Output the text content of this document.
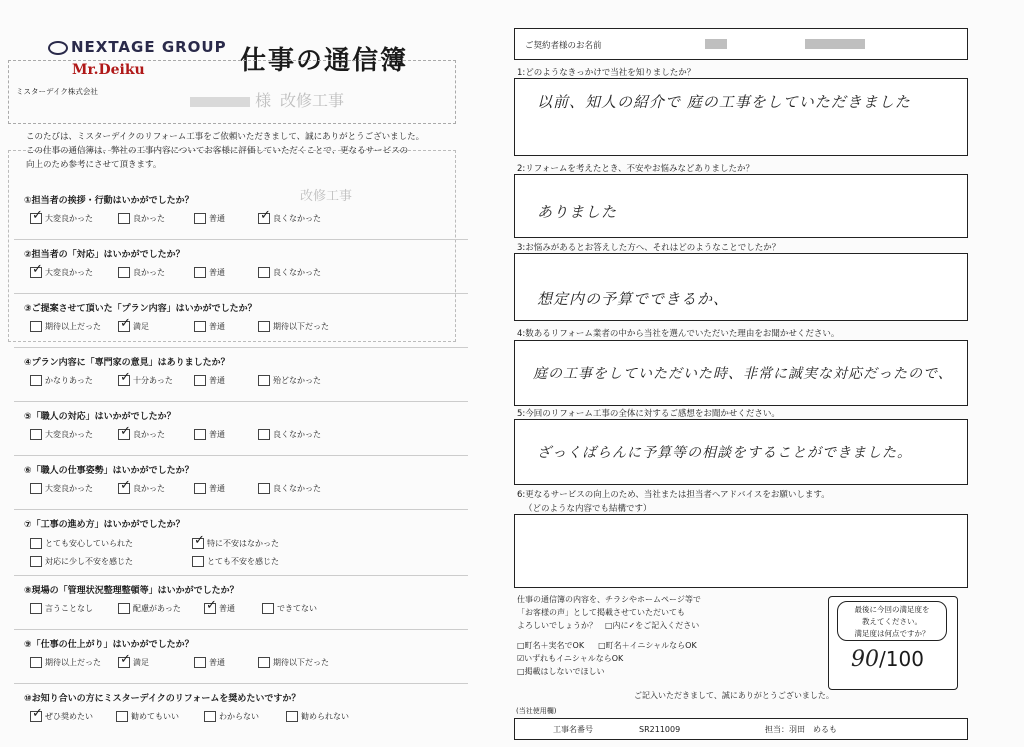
NEXTAGE GROUP
Mr.Deiku
ミスターデイク株式会社
仕事の通信簿
様 改修工事
改修工事
このたびは、ミスターデイクのリフォーム工事をご依頼いただきまして、誠にありがとうございました。
この仕事の通信簿は、弊社の工事内容についてお客様に評価していただくことで、更なるサービスの
向上のため参考にさせて頂きます。
①担当者の挨拶・行動はいかがでしたか？
✓ 大変良かった	良かった	普通	✓ 良くなかった
②担当者の「対応」はいかがでしたか？
✓ 大変良かった	良かった	普通	良くなかった
③ご提案させて頂いた「プラン内容」はいかがでしたか？
期待以上だった ✓ 満足	普通	期待以下だった
④プラン内容に「専門家の意見」はありましたか？
かなりあった ✓ 十分あった	普通	殆どなかった
⑤「職人の対応」はいかがでしたか？
大変良かった ✓ 良かった	普通	良くなかった
⑥「職人の仕事姿勢」はいかがでしたか？
大変良かった ✓ 良かった	普通	良くなかった
⑦「工事の進め方」はいかがでしたか？
とても安心していられた	✓ 特に不安はなかった
対応に少し不安を感じた	とても不安を感じた
⑧現場の「管理状況整理整頓等」はいかがでしたか？
言うことなし	配慮があった ✓ 普通	できてない
⑨「仕事の仕上がり」はいかがでしたか？
期待以上だった ✓ 満足	普通	期待以下だった
⑩お知り合いの方にミスターデイクのリフォームを奨めたいですか？
✓ ぜひ奨めたい	勧めてもいい	わからない	勧められない
ご契約者様のお名前
1:どのようなきっかけで当社を知りましたか？
以前、知人の紹介で 庭の工事をしていただきました
2:リフォームを考えたとき、不安やお悩みなどありましたか？
ありました
3:お悩みがあるとお答えした方へ、それはどのようなことでしたか？
想定内の予算でできるか、
4:数あるリフォーム業者の中から当社を選んでいただいた理由をお聞かせください。
庭の工事をしていただいた時、非常に誠実な対応だったので、
5:今回のリフォーム工事の全体に対するご感想をお聞かせください。
ざっくばらんに予算等の相談をすることができました。
6:更なるサービスの向上のため、当社または担当者へアドバイスをお願いします。
（どのような内容でも結構です）
仕事の通信簿の内容を、チラシやホームページ等で
「お客様の声」として掲載させていただいても
よろしいでしょうか？　□内に✓をご記入ください
□町名＋実名でOK □町名＋イニシャルならOK
☑いずれもイニシャルならOK
□掲載はしないでほしい
最後に今回の満足度を
教えてください。
満足度は何点ですか？
90/100
ご記入いただきまして、誠にありがとうございました。
(当社使用欄)
工事名番号	SR211009	担当：羽田　めるも
